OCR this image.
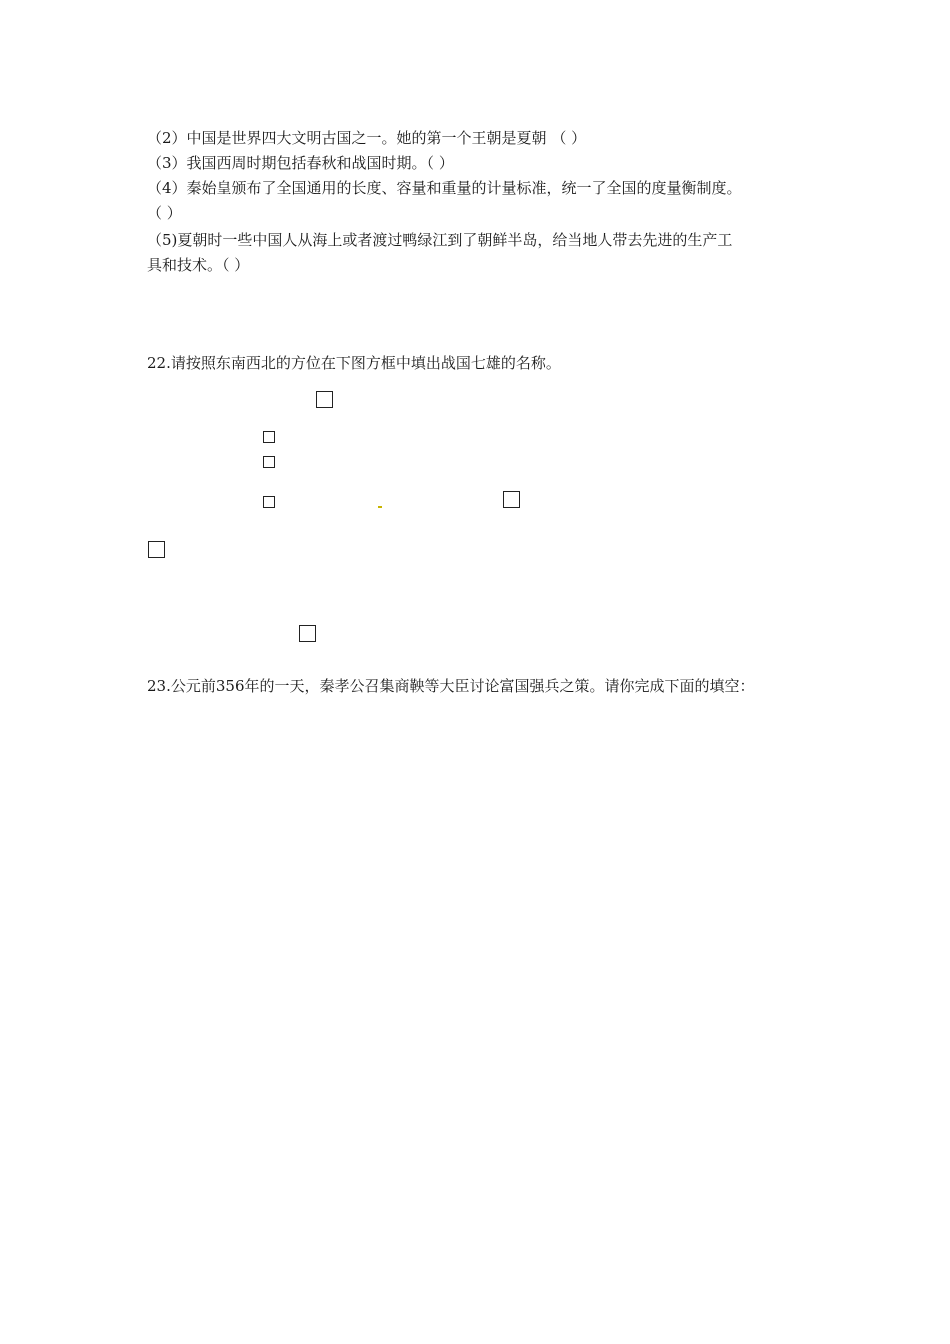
（2）中国是世界四大文明古国之一。她的第一个王朝是夏朝 （ ）
（3）我国西周时期包括春秋和战国时期。（ ）
（4）秦始皇颁布了全国通用的长度、容量和重量的计量标准，统一了全国的度量衡制度。
（ ）
（5)夏朝时一些中国人从海上或者渡过鸭绿江到了朝鲜半岛，给当地人带去先进的生产工
具和技术。（ ）
22.请按照东南西北的方位在下图方框中填出战国七雄的名称。
23.公元前356年的一天，秦孝公召集商鞅等大臣讨论富国强兵之策。请你完成下面的填空：
